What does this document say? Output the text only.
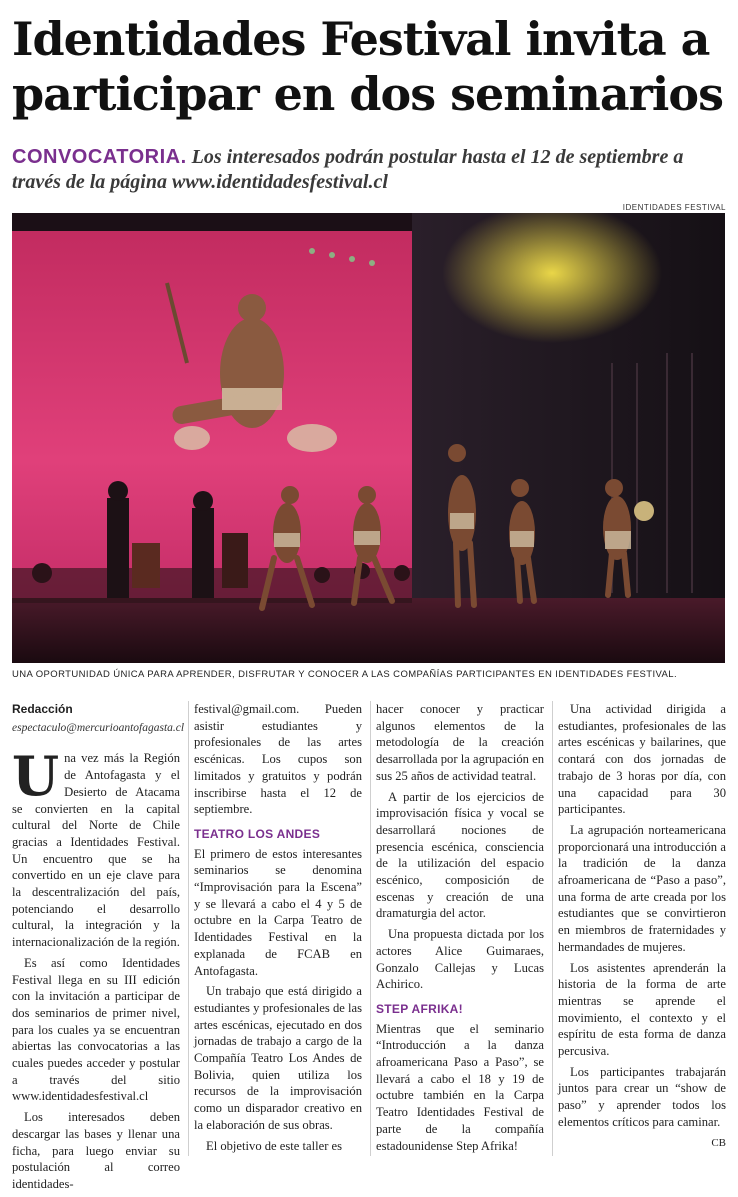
Identidades Festival invita a participar en dos seminarios
CONVOCATORIA. Los interesados podrán postular hasta el 12 de septiembre a través de la página www.identidadesfestival.cl
IDENTIDADES FESTIVAL
UNA OPORTUNIDAD ÚNICA PARA APRENDER, DISFRUTAR Y CONOCER A LAS COMPAÑÍAS PARTICIPANTES EN IDENTIDADES FESTIVAL.
Redacción
espectaculo@mercurioantofagasta.cl

Una vez más la Región de Antofagasta y el Desierto de Atacama se convierten en la capital cultural del Norte de Chile gracias a Identidades Festival. Un encuentro que se ha convertido en un eje clave para la descentralización del país, potenciando el desarrollo cultural, la integración y la internacionalización de la región.

Es así como Identidades Festival llega en su III edición con la invitación a participar de dos seminarios de primer nivel, para los cuales ya se encuentran abiertas las convocatorias a las cuales puedes acceder y postular a través del sitio www.identidadesfestival.cl

Los interesados deben descargar las bases y llenar una ficha, para luego enviar su postulación al correo identidades-

festival@gmail.com. Pueden asistir estudiantes y profesionales de las artes escénicas. Los cupos son limitados y gratuitos y podrán inscribirse hasta el 12 de septiembre.

TEATRO LOS ANDES

El primero de estos interesantes seminarios se denomina “Improvisación para la Escena” y se llevará a cabo el 4 y 5 de octubre en la Carpa Teatro de Identidades Festival en la explanada de FCAB en Antofagasta.

Un trabajo que está dirigido a estudiantes y profesionales de las artes escénicas, ejecutado en dos jornadas de trabajo a cargo de la Compañía Teatro Los Andes de Bolivia, quien utiliza los recursos de la improvisación como un disparador creativo en la elaboración de sus obras.

El objetivo de este taller es

hacer conocer y practicar algunos elementos de la metodología de la creación desarrollada por la agrupación en sus 25 años de actividad teatral.

A partir de los ejercicios de improvisación física y vocal se desarrollará nociones de presencia escénica, consciencia de la utilización del espacio escénico, composición de escenas y creación de una dramaturgia del actor.

Una propuesta dictada por los actores Alice Guimaraes, Gonzalo Callejas y Lucas Achirico.

STEP AFRIKA!

Mientras que el seminario “Introducción a la danza afroamericana Paso a Paso”, se llevará a cabo el 18 y 19 de octubre también en la Carpa Teatro Identidades Festival de parte de la compañía estadounidense Step Afrika!

Una actividad dirigida a estudiantes, profesionales de las artes escénicas y bailarines, que contará con dos jornadas de trabajo de 3 horas por día, con una capacidad para 30 participantes.

La agrupación norteamericana proporcionará una introducción a la tradición de la danza afroamericana de “Paso a paso”, una forma de arte creada por los estudiantes que se convirtieron en miembros de fraternidades y hermandades de mujeres.

Los asistentes aprenderán la historia de la forma de arte mientras se aprende el movimiento, el contexto y el espíritu de esta forma de danza percusiva.

Los participantes trabajarán juntos para crear un “show de paso” y aprender todos los elementos críticos para caminar.

CB
